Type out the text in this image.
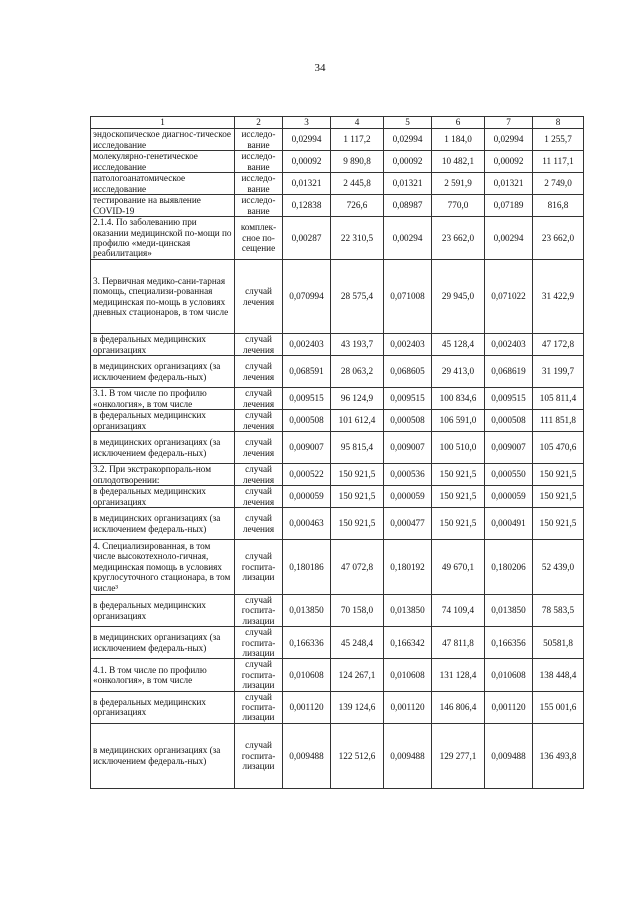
34
1	2	3	4	5	6	7	8
эндоскопическое диагнос-тическое исследование	исследо-вание	0,02994	1 117,2	0,02994	1 184,0	0,02994	1 255,7
молекулярно-генетическое исследование	исследо-вание	0,00092	9 890,8	0,00092	10 482,1	0,00092	11 117,1
патологоанатомическое исследование	исследо-вание	0,01321	2 445,8	0,01321	2 591,9	0,01321	2 749,0
тестирование на выявление COVID-19	исследо-вание	0,12838	726,6	0,08987	770,0	0,07189	816,8
2.1.4. По заболеванию при оказании медицинской по-мощи по профилю «меди-цинская реабилитация»	комплек-сное по-сещение	0,00287	22 310,5	0,00294	23 662,0	0,00294	23 662,0
3. Первичная медико-сани-тарная помощь, специализи-рованная медицинская по-мощь в условиях дневных стационаров, в том числе	случай лечения	0,070994	28 575,4	0,071008	29 945,0	0,071022	31 422,9
в федеральных медицинских организациях	случай лечения	0,002403	43 193,7	0,002403	45 128,4	0,002403	47 172,8
в медицинских организациях (за исключением федераль-ных)	случай лечения	0,068591	28 063,2	0,068605	29 413,0	0,068619	31 199,7
3.1. В том числе по профилю «онкология», в том числе	случай лечения	0,009515	96 124,9	0,009515	100 834,6	0,009515	105 811,4
в федеральных медицинских организациях	случай лечения	0,000508	101 612,4	0,000508	106 591,0	0,000508	111 851,8
в медицинских организациях (за исключением федераль-ных)	случай лечения	0,009007	95 815,4	0,009007	100 510,0	0,009007	105 470,6
3.2. При экстракорпораль-ном оплодотворении:	случай лечения	0,000522	150 921,5	0,000536	150 921,5	0,000550	150 921,5
в федеральных медицинских организациях	случай лечения	0,000059	150 921,5	0,000059	150 921,5	0,000059	150 921,5
в медицинских организациях (за исключением федераль-ных)	случай лечения	0,000463	150 921,5	0,000477	150 921,5	0,000491	150 921,5
4. Специализированная, в том числе высокотехноло-гичная, медицинская помощь в условиях круглосуточного стационара, в том числе³	случай госпита-лизации	0,180186	47 072,8	0,180192	49 670,1	0,180206	52 439,0
в федеральных медицинских организациях	случай госпита-лизации	0,013850	70 158,0	0,013850	74 109,4	0,013850	78 583,5
в медицинских организациях (за исключением федераль-ных)	случай госпита-лизации	0,166336	45 248,4	0,166342	47 811,8	0,166356	50581,8
4.1. В том числе по профилю «онкология», в том числе	случай госпита-лизации	0,010608	124 267,1	0,010608	131 128,4	0,010608	138 448,4
в федеральных медицинских организациях	случай госпита-лизации	0,001120	139 124,6	0,001120	146 806,4	0,001120	155 001,6
в медицинских организациях (за исключением федераль-ных)	случай госпита-лизации	0,009488	122 512,6	0,009488	129 277,1	0,009488	136 493,8
